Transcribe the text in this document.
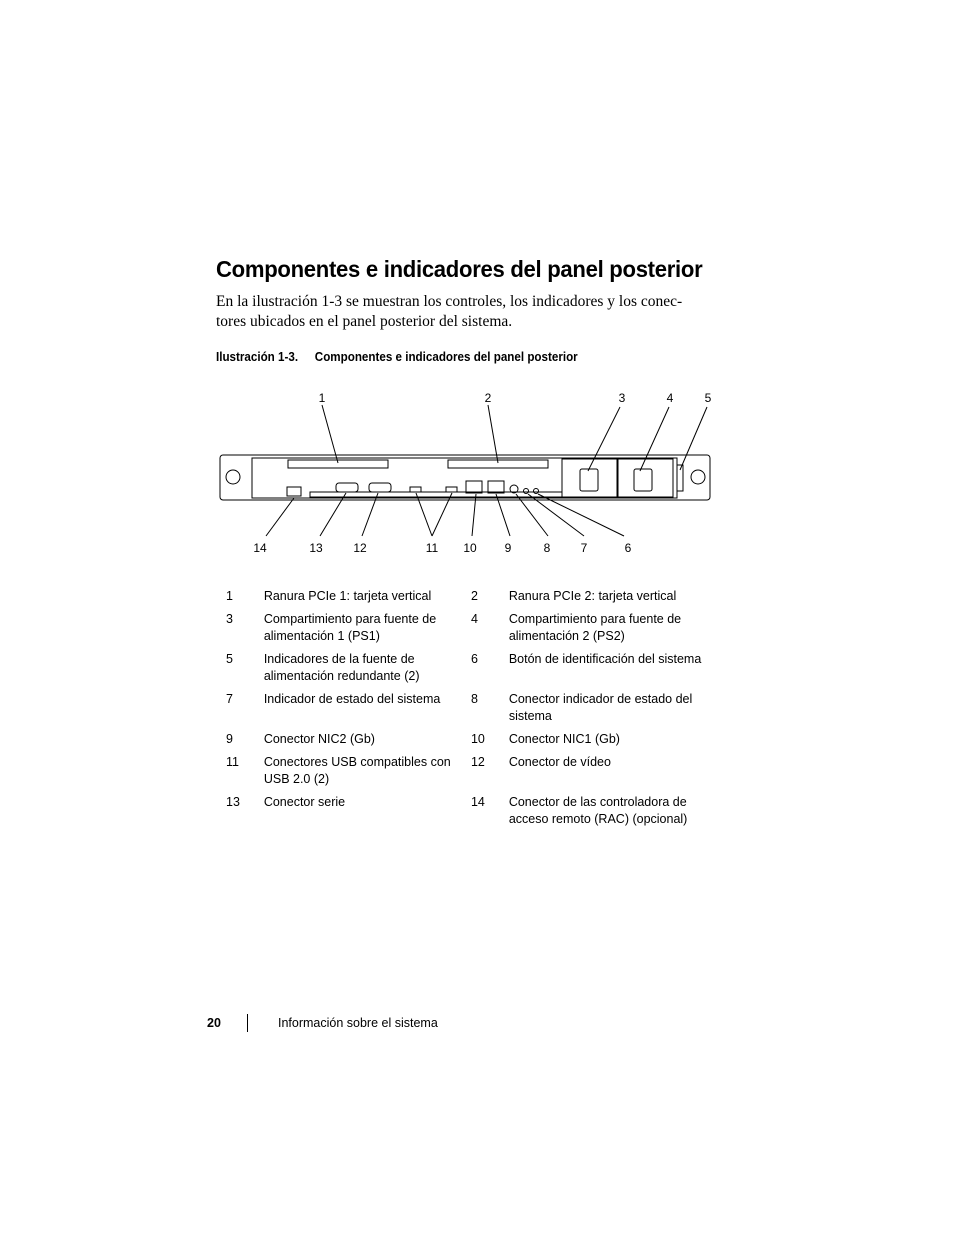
Componentes e indicadores del panel posterior

En la ilustración 1-3 se muestran los controles, los indicadores y los conec-
tores ubicados en el panel posterior del sistema.

Ilustración 1-3. Componentes e indicadores del panel posterior

1	2	3	4	5
14	13	12	11 10 9	8	7	6
1	Ranura PCIe 1: tarjeta vertical	2	Ranura PCIe 2: tarjeta vertical
3	Compartimiento para fuente de alimentación 1 (PS1)	4	Compartimiento para fuente de alimentación 2 (PS2)
5	Indicadores de la fuente de alimentación redundante (2)	6	Botón de identificación del sistema
7	Indicador de estado del sistema	8	Conector indicador de estado del sistema
9	Conector NIC2 (Gb)	10	Conector NIC1 (Gb)
11	Conectores USB compatibles con USB 2.0 (2)	12	Conector de vídeo
13	Conector serie	14	Conector de las controladora de acceso remoto (RAC) (opcional)
20	Información sobre el sistema
